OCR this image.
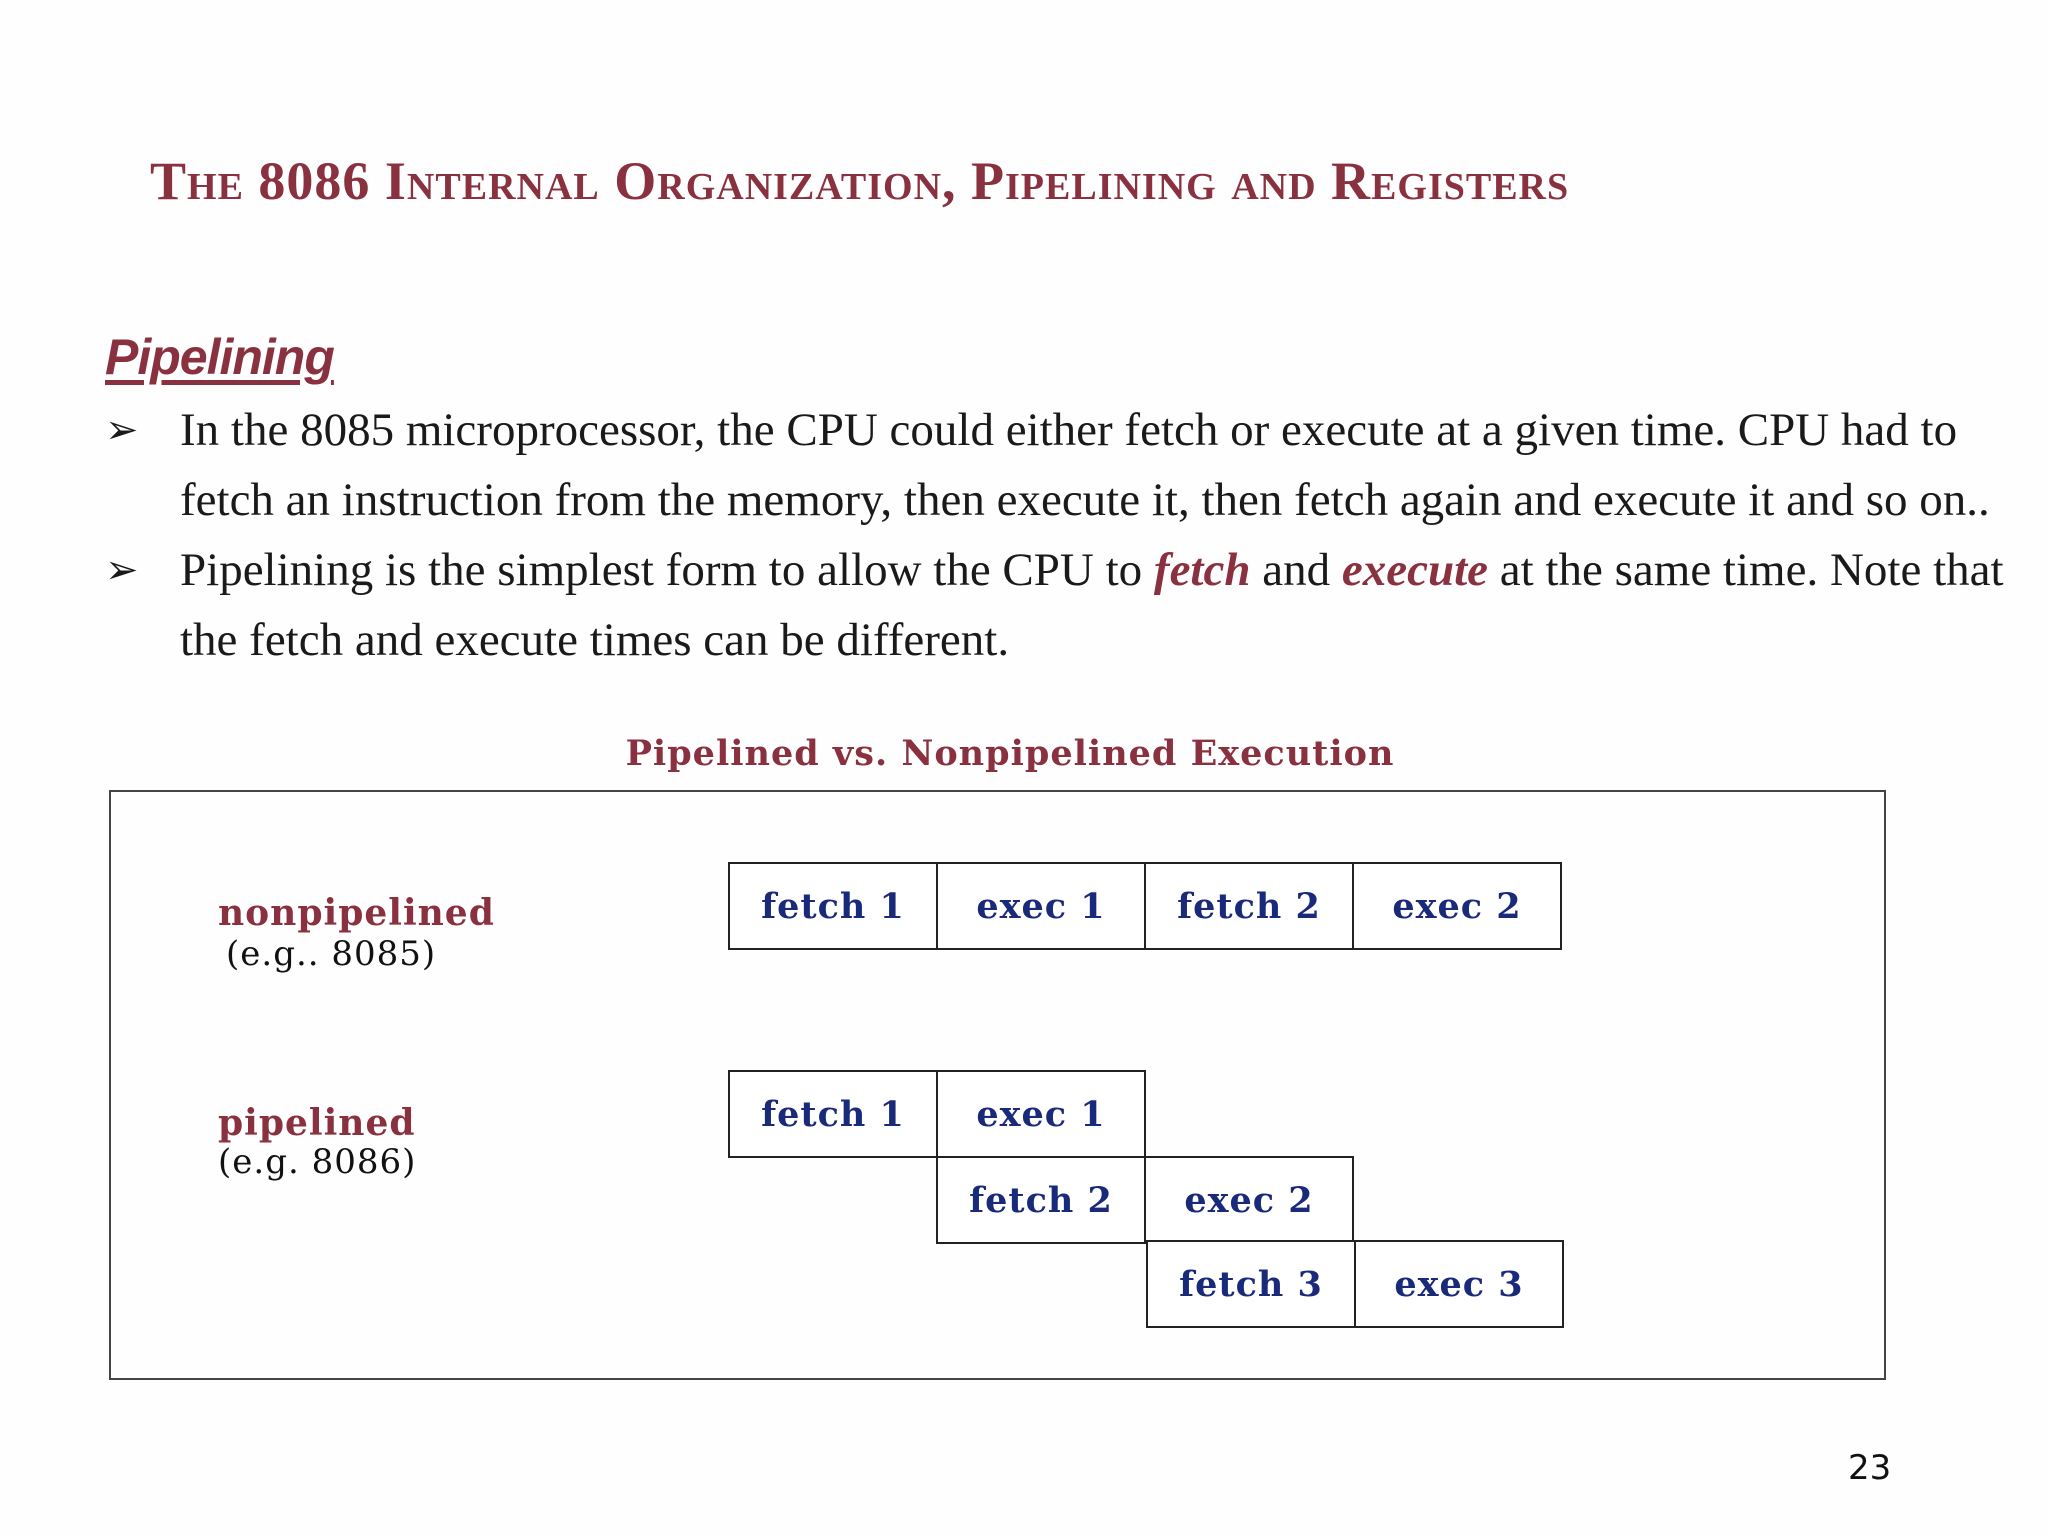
The 8086 Internal Organization, Pipelining and Registers
Pipelining
➢ In the 8085 microprocessor, the CPU could either fetch or execute at a given time. CPU had to fetch an instruction from the memory, then execute it, then fetch again and execute it and so on..
➢ Pipelining is the simplest form to allow the CPU to fetch and execute at the same time. Note that the fetch and execute times can be different.
Pipelined vs. Nonpipelined Execution
nonpipelined
(e.g.. 8085)
fetch 1	exec 1	fetch 2	exec 2
pipelined
(e.g. 8086)
fetch 1	exec 1
fetch 2	exec 2
fetch 3	exec 3
23
